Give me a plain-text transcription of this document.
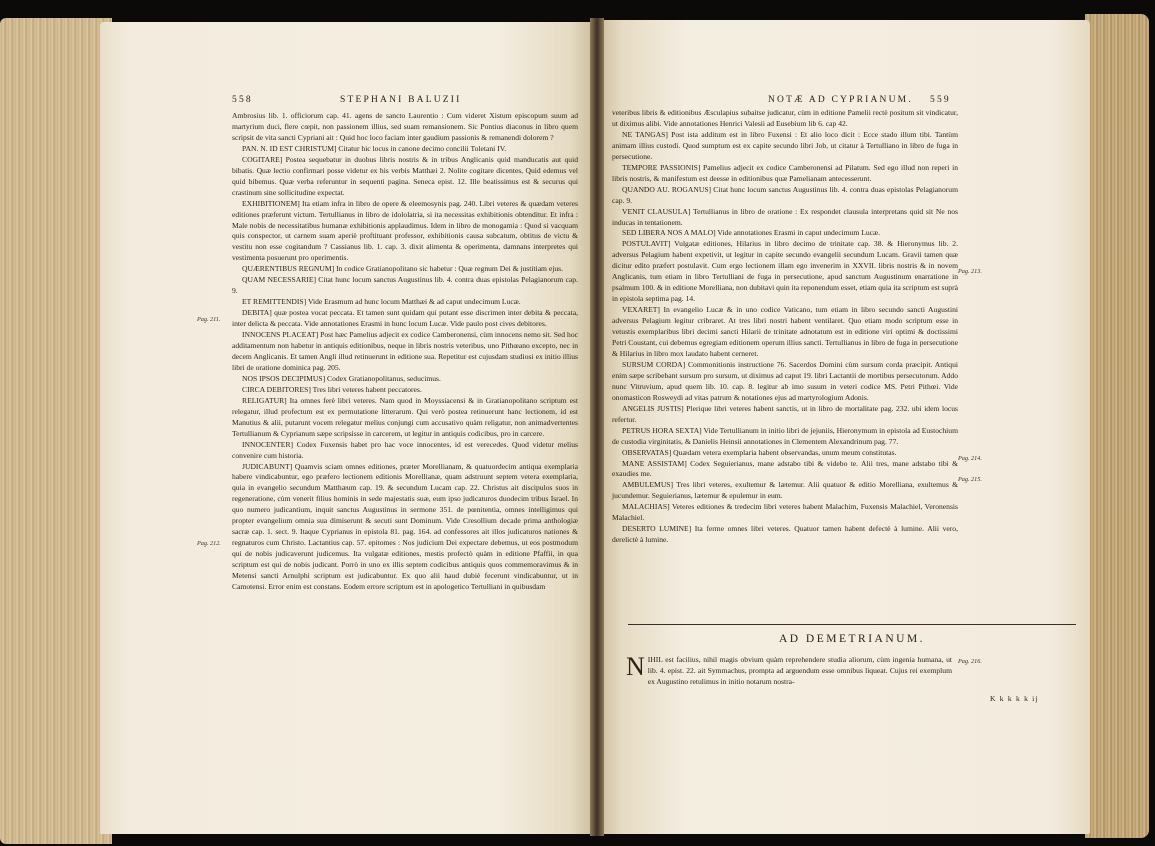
558	STEPHANI BALUZII

Ambrosius lib. 1. officiorum cap. 41. agens de sancto Laurentio : Cum videret Xistum episcopum suum ad martyrium duci, flere cœpit, non passionem illius, sed suam remansionem. Sic Pontius diaconus in libro quem scripsit de vita sancti Cypriani ait : Quid hoc loco faciam inter gaudium passionis & remanendi dolorem ?

PAN. N. ID EST CHRISTUM] Citatur hic locus in canone decimo concilii Toletani IV.

COGITARE] Postea sequebatur in duobus libris nostris & in tribus Anglicanis quid manducatis aut quid bibatis. Quæ lectio confirmari posse videtur ex his verbis Matthæi 2. Nolite cogitare dicentes, Quid edemus vel quid bibemus. Quæ verba referuntur in sequenti pagina. Seneca epist. 12. Ille beatissimus est & securus qui crastinum sine sollicitudine expectat.

EXHIBITIONEM] Ita etiam infra in libro de opere & eleemosynis pag. 240. Libri veteres & quædam veteres editiones præferunt victum. Tertullianus in libro de idololatria, si ita necessitas exhibitionis obtenditur. Et infra : Male nobis de necessitatibus humanæ exhibitionis applaudimus. Idem in libro de monogamia : Quod si vacquam quis conspector, ut carnem suam aperiè proftituant professor, exhibitionis causa subcatum, obtitus de victu & vestitu non esse cogitandum ? Cassianus lib. 1. cap. 3. dixit alimenta & operimenta, damnans interpretes qui vestimenta posuerunt pro operimentis.

QUÆRENTIBUS REGNUM] In codice Gratianopolitano sic habetur : Quæ regnum Dei & justitiam ejus.

QUAM NECESSARIE] Citat hunc locum sanctus Augustinus lib. 4. contra duas epistolas Pelagianorum cap. 9.

ET REMITTENDIS] Vide Erasmum ad hunc locum Matthæi & ad caput undecimum Lucæ.

DEBITA] quæ postea vocat peccata. Et tamen sunt quidam qui putant esse discrimen inter debita & peccata, inter delicta & peccata. Vide annotationes Erasmi in hunc locum Lucæ. Vide paulo post cives debitores.

INNOCENS PLACEAT] Post hæc Pamelius adjecit ex codice Camberonensi, cùm innocens nemo sit. Sed hoc additamentum non habetur in antiquis editionibus, neque in libris nostris veteribus, uno Pithœano excepto, nec in decem Anglicanis. Et tamen Angli illud retinuerunt in editione sua. Repetitur est cujusdam studiosi ex initio illius libri de oratione dominica pag. 205.

NOS IPSOS DECIPIMUS] Codex Gratianopolitanus, seducimus.

CIRCA DEBITORES] Tres libri veteres habent peccatores.

RELIGATUR] Ita omnes ferè libri veteres. Nam quod in Moyssiacensi & in Gratianopolitano scriptum est relegatur, illud profectum est ex permutatione litterarum. Qui verò postea retinuerunt hanc lectionem, id est Manutius & alii, putarunt vocem relegatur melius conjungi cum accusativo quàm religatur, non animadvertentes Tertullianum & Cyprianum sæpe scripsisse in carcerem, ut legitur in antiquis codicibus, pro in carcere.

INNOCENTER] Codex Fuxensis habet pro hac voce innocentes, id est verecedes. Quod videtur melius convenire cum historia.

JUDICABUNT] Quamvis sciam omnes editiones, præter Morellianam, & quatuordecim antiqua exemplaria habere vindicabuntur, ego præfero lectionem editionis Morellianæ, quam adstruunt septem vetera exemplaria, quia in evangelio secundum Matthæum cap. 19. & secundum Lucam cap. 22. Christus ait discipulos suos in regeneratione, cùm venerit filius hominis in sede majestatis suæ, eum ipso judicaturos duodecim tribus Israel. In quo numero judicantium, inquit sanctus Augustinus in sermone 351. de pœnitentia, omnes intelligimus qui propter evangelium omnia sua dimiserunt & secuti sunt Dominum. Vide Cresollium decade prima anthologiæ sacræ cap. 1. sect. 9. Itaque Cyprianus in epistola 81. pag. 164. ad confessores ait illos judicaturos nationes & regnaturos cum Christo. Lactantius cap. 57. epitomes : Nos judicium Dei expectare debemus, ut eos postmodum qui de nobis judicaverunt judicemus. Ita vulgatæ editiones, mestis profectò quàm in editione Pfaffii, in qua scriptum est qui de nobis judicant. Porrò in uno ex illis septem codicibus antiquis quos commemoravimus & in Metensi sancti Arnulphi scriptum est judicabuntur. Ex quo alii haud dubiè fecerunt vindicabuntur, ut in Camotensi. Error enim est constans. Eodem errore scriptum est in apologetico Tertulliani in quibusdam

Pag. 211.
Pag. 212.
NOTÆ AD CYPRIANUM. 559

veteribus libris & editionibus Æsculapius subaitse judicatur, cùm in editione Pamelii rectè positum sit vindicatur, ut diximus alibi. Vide annotationes Henrici Valesii ad Eusebium lib 6. cap 42.

NE TANGAS] Post ista additum est in libro Fuxensi : Et alio loco dicit : Ecce stado illum tibi. Tantùm animam illius custodi. Quod sumptum est ex capite secundo libri Job, ut citatur à Tertulliano in libro de fuga in persecutione.

TEMPORE PASSIONIS] Pamelius adjecit ex codice Camberonensi ad Pilatum. Sed ego illud non reperi in libris nostris, & manifestum est deesse in editionibus quæ Pamelianam antecesserunt.

QUANDO AU. ROGANUS] Citat hunc locum sanctus Augustinus lib. 4. contra duas epistolas Pelagianorum cap. 9.

VENIT CLAUSULA] Tertullianus in libro de oratione : Ex respondet clausula interpretans quid sit Ne nos inducas in tentationem.

SED LIBERA NOS A MALO] Vide annotationes Erasmi in caput undecimum Lucæ.

POSTULAVIT] Vulgatæ editiones, Hilarius in libro decimo de trinitate cap. 38. & Hieronymus lib. 2. adversus Pelagium habent expetivit, ut legitur in capite secundo evangelii secundum Lucam. Gravii tamen quæ dicitur edito præfert postulavit. Cum ergo lectionem illam ego invenerim in XXVII. libris nostris & in novem Anglicanis, tum etiam in libro Tertulliani de fuga in persecutione, apud sanctum Augustinum enarratione in psalmum 100. & in editione Morelliana, non dubitavi quin ita reponendum esset, etiam quia ita scriptum est suprà in epistola septima pag. 14.

VEXARET] In evangelio Lucæ & in uno codice Vaticano, tum etiam in libro secundo sancti Augustini adversus Pelagium legitur cribraret. At tres libri nostri habent ventilaret. Quo etiam modo scriptum esse in vetustis exemplaribus libri decimi sancti Hilarii de trinitate adnotatum est in editione viri optimi & doctissimi Petri Coustant, cui debemus egregiam editionem operum illius sancti. Tertullianus in libro de fuga in persecutione & Hilarius in libro mox laudato habent cerneret.

SURSUM CORDA] Commonitionis instructione 76. Sacerdos Domini cùm sursum corda præcipit. Antiqui enim sæpe scribebant sursum pro sursum, ut diximus ad caput 19. libri Lactantii de mortibus persecutorum. Addo nunc Vitruvium, apud quem lib. 10. cap. 8. legitur ab imo susum in veteri codice MS. Petri Pithœi. Vide onomasticon Rosweydi ad vitas patrum & notationes ejus ad martyrologium Adonis.

ANGELIS JUSTIS] Plerique libri veteres habent sanctis, ut in libro de mortalitate pag. 232. ubi idem locus refertur.

PETRUS HORA SEXTA] Vide Tertullianum in initio libri de jejuniis, Hieronymum in epistola ad Eustochium de custodia virginitatis, & Danielis Heinsii annotationes in Clementem Alexandrinum pag. 77.

OBSERVATAS] Quædam vetera exemplaria habent observandas, unum meum constitutas.

MANE ASSISTAM] Codex Seguierianus, mane adstabo tibi & videbo te. Alii tres, mane adstabo tibi & exaudies me.

AMBULEMUS] Tres libri veteres, exultemur & lætemur. Alii quatuor & editio Morelliana, exultemus & jucundemur. Seguierianus, lætemur & epulemur in eum.

MALACHIAS] Veteres editiones & tredecim libri veteres habent Malachim, Fuxensis Malachiel, Veronensis Malachiel.

DESERTO LUMINE] Ita ferme omnes libri veteres. Quatuor tamen habent defectè à lumine. Alii vero, derelictè à lumine.

Pag. 213.
Pag. 214.
Pag. 215.
Pag. 216.
AD DEMETRIANUM.

NIHIL est facilius, nihil magis obvium quàm reprehendere studia aliorum, cùm ingenia humana, ut lib. 4. epist. 22. ait Symmachus, prompta ad arguendum esse omnibus liqueat. Cujus rei exemplum ex Augustino retulimus in initio notarum nostra-

K k k k k ij
